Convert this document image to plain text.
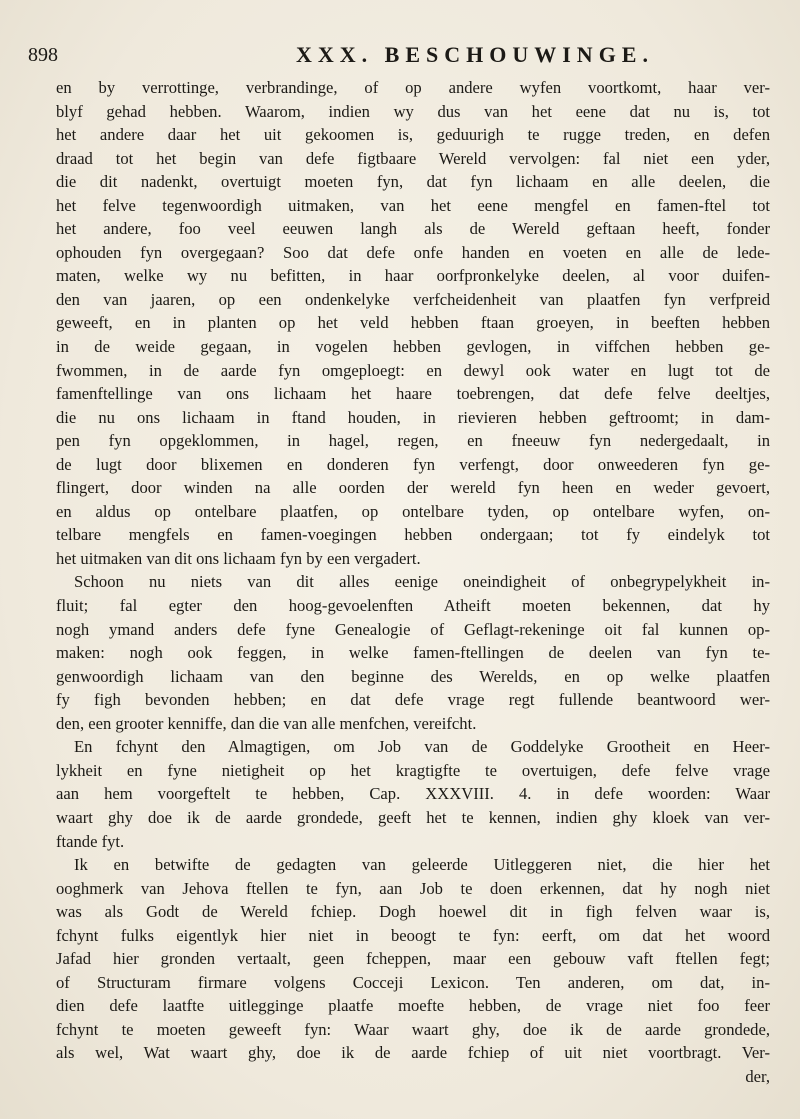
898	XXX. BESCHOUWINGE.
en by verrottinge, verbrandinge, of op andere wyfen voortkomt, haar ver-
blyf gehad hebben. Waarom, indien wy dus van het eene dat nu is, tot
het andere daar het uit gekoomen is, geduurigh te rugge treden, en defen
draad tot het begin van defe figtbaare Wereld vervolgen: fal niet een yder,
die dit nadenkt, overtuigt moeten fyn, dat fyn lichaam en alle deelen, die
het felve tegenwoordigh uitmaken, van het eene mengfel en famen-ftel tot
het andere, foo veel eeuwen langh als de Wereld geftaan heeft, fonder
ophouden fyn overgegaan? Soo dat defe onfe handen en voeten en alle de lede-
maten, welke wy nu befitten, in haar oorfpronkelyke deelen, al voor duifen-
den van jaaren, op een ondenkelyke verfcheidenheit van plaatfen fyn verfpreid
geweeft, en in planten op het veld hebben ftaan groeyen, in beeften hebben
in de weide gegaan, in vogelen hebben gevlogen, in viffchen hebben ge-
fwommen, in de aarde fyn omgeploegt: en dewyl ook water en lugt tot de
famenftellinge van ons lichaam het haare toebrengen, dat defe felve deeltjes,
die nu ons lichaam in ftand houden, in rievieren hebben geftroomt; in dam-
pen fyn opgeklommen, in hagel, regen, en fneeuw fyn nedergedaalt, in
de lugt door blixemen en donderen fyn verfengt, door onweederen fyn ge-
flingert, door winden na alle oorden der wereld fyn heen en weder gevoert,
en aldus op ontelbare plaatfen, op ontelbare tyden, op ontelbare wyfen, on-
telbare mengfels en famen-voegingen hebben ondergaan; tot fy eindelyk tot
het uitmaken van dit ons lichaam fyn by een vergadert.
Schoon nu niets van dit alles eenige oneindigheit of onbegrypelykheit in-
fluit; fal egter den hoog-gevoelenften Atheift moeten bekennen, dat hy
nogh ymand anders defe fyne Genealogie of Geflagt-rekeninge oit fal kunnen op-
maken: nogh ook feggen, in welke famen-ftellingen de deelen van fyn te-
genwoordigh lichaam van den beginne des Werelds, en op welke plaatfen
fy figh bevonden hebben; en dat defe vrage regt fullende beantwoord wer-
den, een grooter kenniffe, dan die van alle menfchen, vereifcht.
En fchynt den Almagtigen, om Job van de Goddelyke Grootheit en Heer-
lykheit en fyne nietigheit op het kragtigfte te overtuigen, defe felve vrage
aan hem voorgeftelt te hebben, Cap. XXXVIII. 4. in defe woorden: Waar
waart ghy doe ik de aarde grondede, geeft het te kennen, indien ghy kloek van ver-
ftande fyt.
Ik en betwifte de gedagten van geleerde Uitleggeren niet, die hier het
ooghmerk van Jehova ftellen te fyn, aan Job te doen erkennen, dat hy nogh niet
was als Godt de Wereld fchiep. Dogh hoewel dit in figh felven waar is,
fchynt fulks eigentlyk hier niet in beoogt te fyn: eerft, om dat het woord
Jafad hier gronden vertaalt, geen fcheppen, maar een gebouw vaft ftellen fegt;
of Structuram firmare volgens Cocceji Lexicon. Ten anderen, om dat, in-
dien defe laatfte uitlegginge plaatfe moefte hebben, de vrage niet foo feer
fchynt te moeten geweeft fyn: Waar waart ghy, doe ik de aarde grondede,
als wel, Wat waart ghy, doe ik de aarde fchiep of uit niet voortbragt. Ver-
der,
